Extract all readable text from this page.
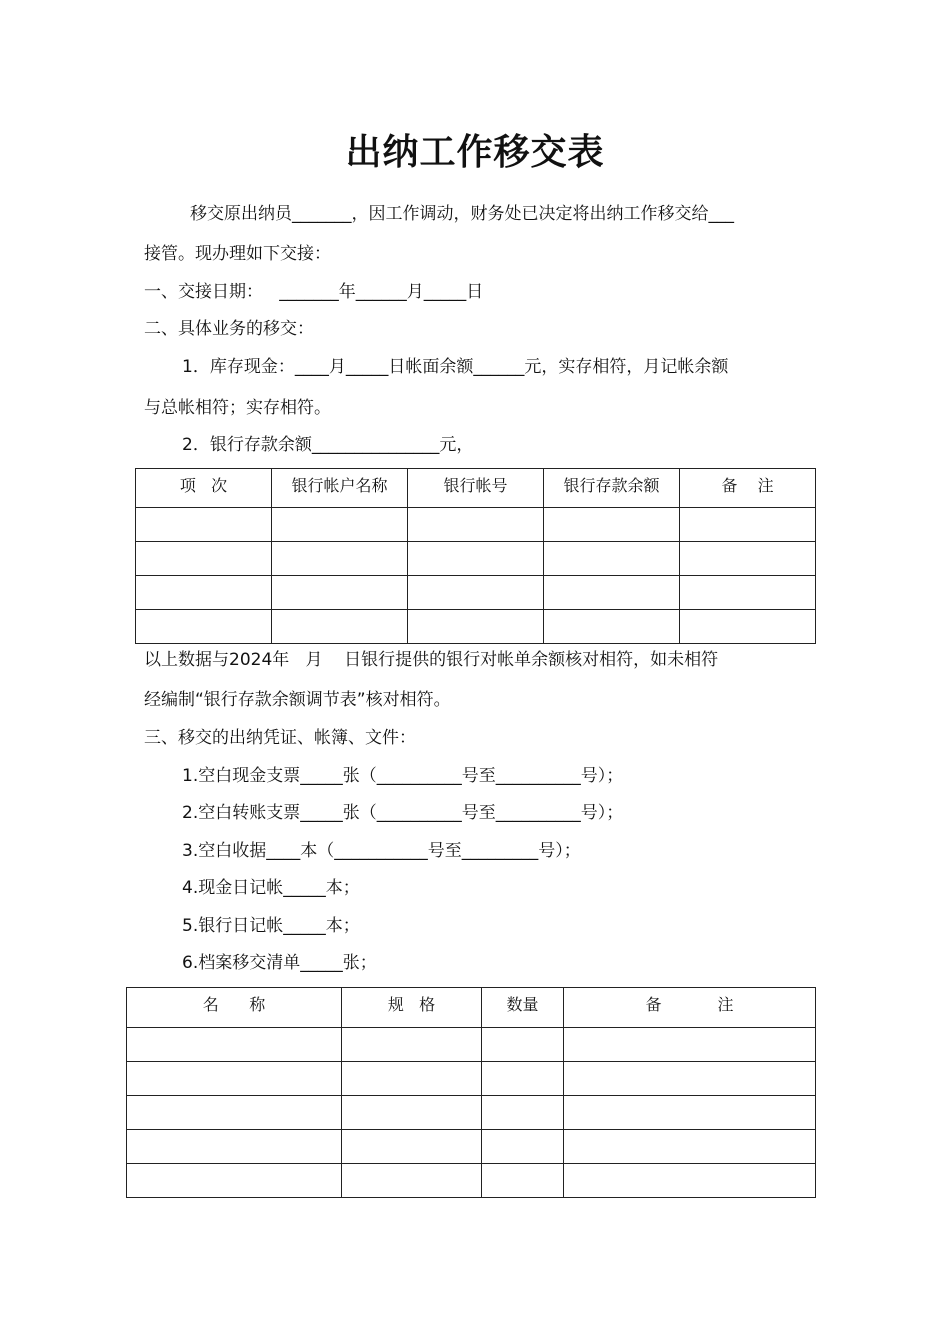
出纳工作移交表
移交原出纳员_______，因工作调动，财务处已决定将出纳工作移交给___
接管。现办理如下交接：
一、交接日期：   _______年______月_____日
二、具体业务的移交：
1．库存现金：____月_____日帐面余额______元，实存相符，月记帐余额
与总帐相符；实存相符。
2．银行存款余额_______________元，
项   次	银行帐户名称	银行帐号	银行存款余额	备    注

以上数据与2024年   月    日银行提供的银行对帐单余额核对相符，如未相符
经编制“银行存款余额调节表”核对相符。
三、移交的出纳凭证、帐簿、文件：
1.空白现金支票_____张（__________号至__________号）；
2.空白转账支票_____张（__________号至__________号）；
3.空白收据____本（___________号至_________号）；
4.现金日记帐_____本；
5.银行日记帐_____本；
6.档案移交清单_____张；
名      称	规   格	数量	备           注
